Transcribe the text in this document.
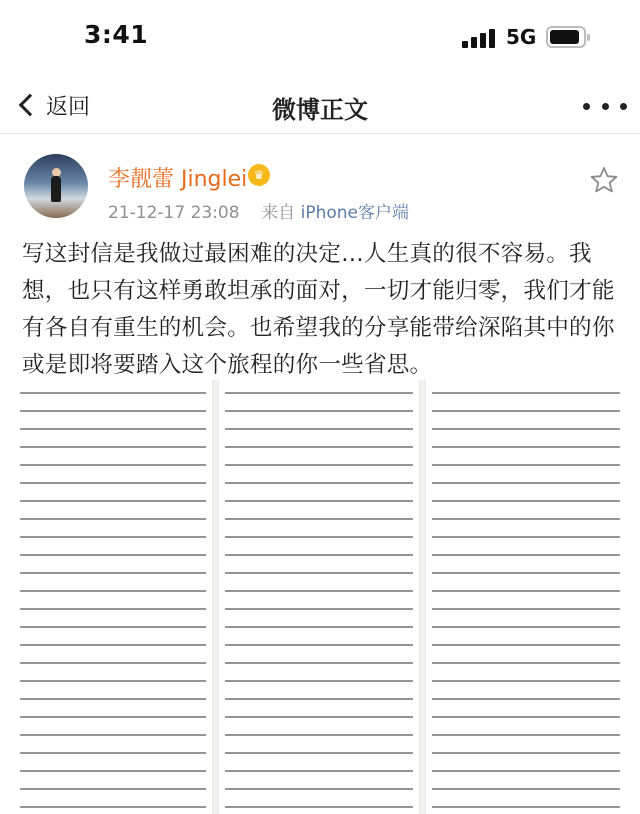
3:41	5G
返回	微博正文
李靓蕾 Jinglei ♛
21-12-17 23:08 来自 iPhone客户端
写这封信是我做过最困难的决定…人生真的很不容易。我想，也只有这样勇敢坦承的面对，一切才能归零，我们才能有各自有重生的机会。也希望我的分享能带给深陷其中的你或是即将要踏入这个旅程的你一些省思。
